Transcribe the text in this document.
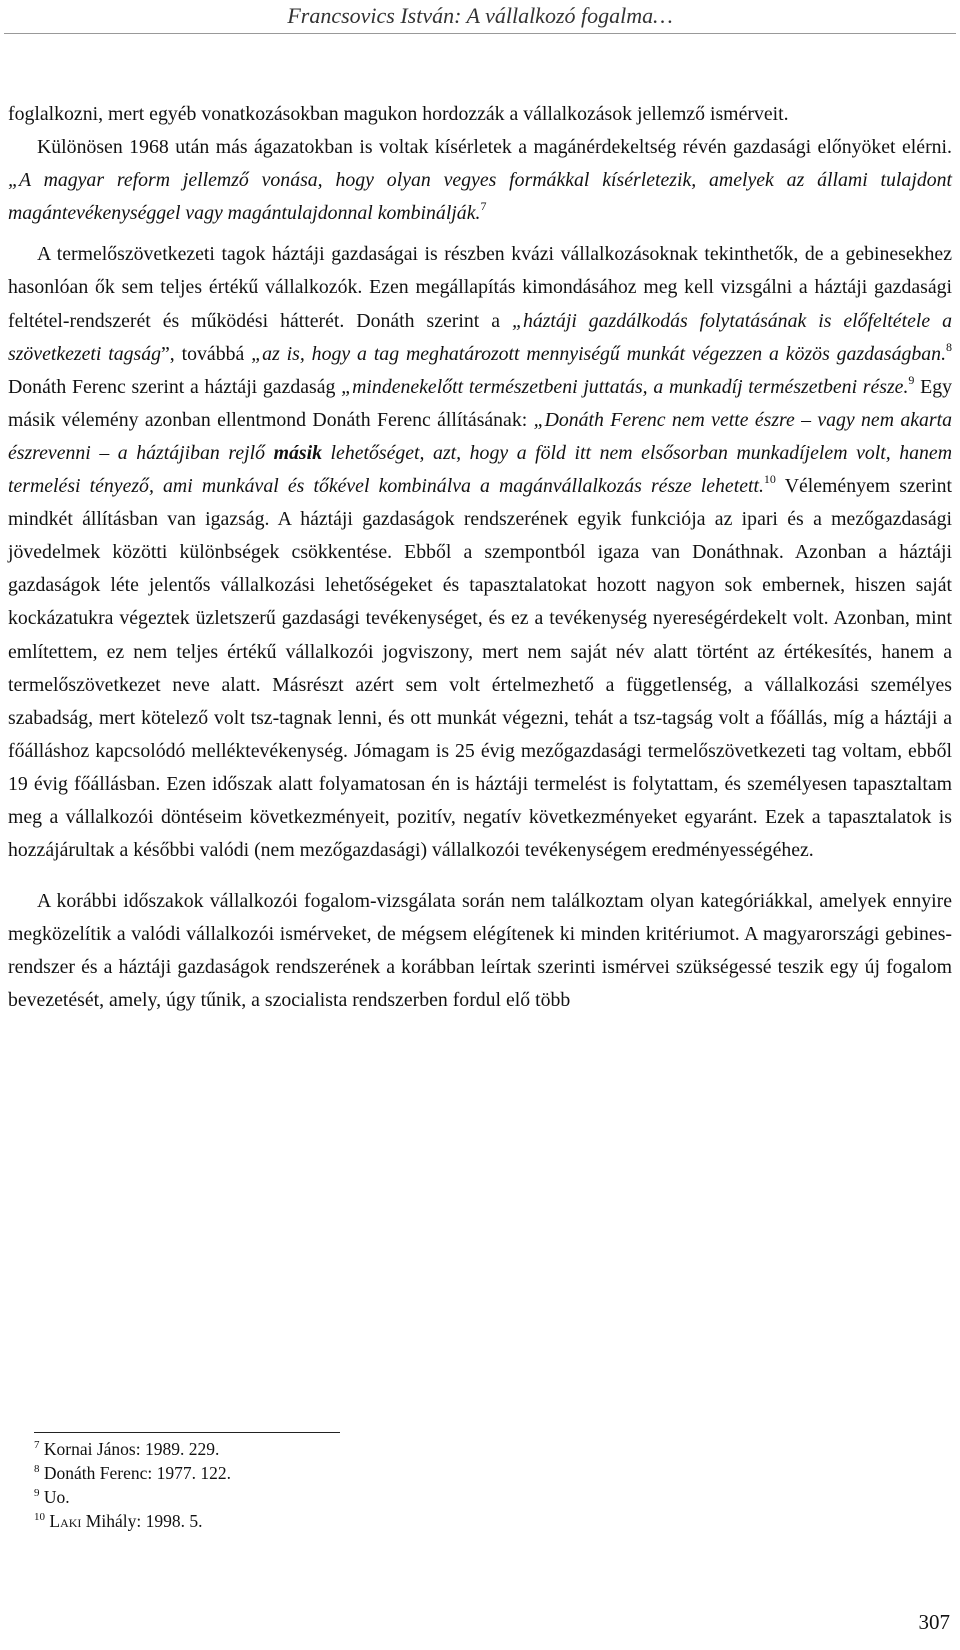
Francsovics István: A vállalkozó fogalma…

foglalkozni, mert egyéb vonatkozásokban magukon hordozzák a vállalkozások jellemző ismérveit.

Különösen 1968 után más ágazatokban is voltak kísérletek a magánérdekeltség révén gazdasági előnyöket elérni. „A magyar reform jellemző vonása, hogy olyan vegyes formákkal kísérletezik, amelyek az állami tulajdont magántevékenységgel vagy magántulajdonnal kombinálják.$^7$

A termelőszövetkezeti tagok háztáji gazdaságai is részben kvázi vállalkozásoknak tekinthetők, de a gebinesekhez hasonlóan ők sem teljes értékű vállalkozók. Ezen megállapítás kimondásához meg kell vizsgálni a háztáji gazdasági feltétel-rendszerét és működési hátterét. Donáth szerint a „háztáji gazdálkodás folytatásának is előfeltétele a szövetkezeti tagság”, továbbá „az is, hogy a tag meghatározott mennyiségű munkát végezzen a közös gazdaságban.$^8$ Donáth Ferenc szerint a háztáji gazdaság „mindenekelőtt természetbeni juttatás, a munkadíj természetbeni része.$^9$ Egy másik vélemény azonban ellentmond Donáth Ferenc állításának: „Donáth Ferenc nem vette észre – vagy nem akarta észrevenni – a háztájiban rejlő másik lehetőséget, azt, hogy a föld itt nem elsősorban munkadíjelem volt, hanem termelési tényező, ami munkával és tőkével kombinálva a magánvállalkozás része lehetett.$^{10}$ Véleményem szerint mindkét állításban van igazság. A háztáji gazdaságok rendszerének egyik funkciója az ipari és a mezőgazdasági jövedelmek közötti különbségek csökkentése. Ebből a szempontból igaza van Donáthnak. Azonban a háztáji gazdaságok léte jelentős vállalkozási lehetőségeket és tapasztalatokat hozott nagyon sok embernek, hiszen saját kockázatukra végeztek üzletszerű gazdasági tevékenységet, és ez a tevékenység nyereségérdekelt volt. Azonban, mint említettem, ez nem teljes értékű vállalkozói jogviszony, mert nem saját név alatt történt az értékesítés, hanem a termelőszövetkezet neve alatt. Másrészt azért sem volt értelmezhető a függetlenség, a vállalkozási személyes szabadság, mert kötelező volt tsz-tagnak lenni, és ott munkát végezni, tehát a tsz-tagság volt a főállás, míg a háztáji a főálláshoz kapcsolódó melléktevékenység. Jómagam is 25 évig mezőgazdasági termelőszövetkezeti tag voltam, ebből 19 évig főállásban. Ezen időszak alatt folyamatosan én is háztáji termelést is folytattam, és személyesen tapasztaltam meg a vállalkozói döntéseim következményeit, pozitív, negatív következményeket egyaránt. Ezek a tapasztalatok is hozzájárultak a későbbi valódi (nem mezőgazdasági) vállalkozói tevékenységem eredményességéhez.

A korábbi időszakok vállalkozói fogalom-vizsgálata során nem találkoztam olyan kategóriákkal, amelyek ennyire megközelítik a valódi vállalkozói ismérveket, de mégsem elégítenek ki minden kritériumot. A magyarországi gebines-rendszer és a háztáji gazdaságok rendszerének a korábban leírtak szerinti ismérvei szükségessé teszik egy új fogalom bevezetését, amely, úgy tűnik, a szocialista rendszerben fordul elő több

$^7$ Kornai János: 1989. 229.
$^8$ Donáth Ferenc: 1977. 122.
$^9$ Uo.
$^{10}$ Laki Mihály: 1998. 5.
307
